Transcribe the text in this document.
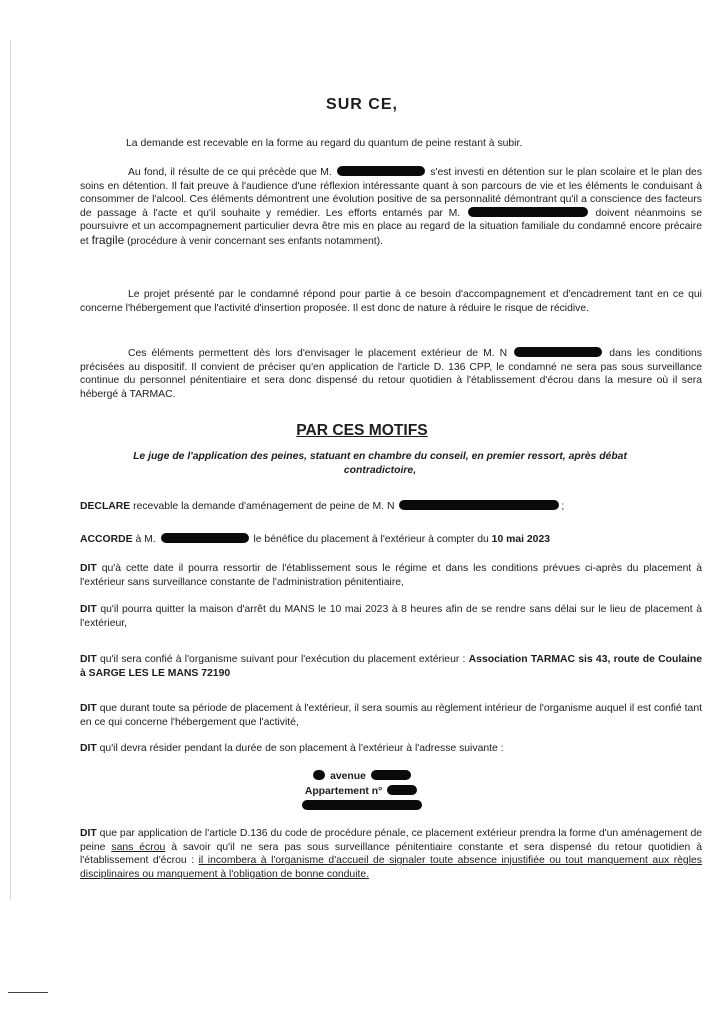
SUR CE,

La demande est recevable en la forme au regard du quantum de peine restant à subir.

Au fond, il résulte de ce qui précède que M.	s'est investi en détention sur le plan scolaire et le plan des soins en détention. Il fait preuve à l'audience d'une réflexion intéressante quant à son parcours de vie et les éléments le conduisant à consommer de l'alcool. Ces éléments démontrent une évolution positive de sa personnalité démontrant qu'il a conscience des facteurs de passage à l'acte et qu'il souhaite y remédier. Les efforts entamés par M.	doivent néanmoins se poursuivre et un accompagnement particulier devra être mis en place au regard de la situation familiale du condamné encore précaire et fragile (procédure à venir concernant ses enfants notamment).

Le projet présenté par le condamné répond pour partie à ce besoin d'accompagnement et d'encadrement tant en ce qui concerne l'hébergement que l'activité d'insertion proposée. Il est donc de nature à réduire le risque de récidive.

Ces éléments permettent dès lors d'envisager le placement extérieur de M. N	dans les conditions précisées au dispositif. Il convient de préciser qu'en application de l'article D. 136 CPP, le condamné ne sera pas sous surveillance continue du personnel pénitentiaire et sera donc dispensé du retour quotidien à l'établissement d'écrou dans la mesure où il sera hébergé à TARMAC.

PAR CES MOTIFS

Le juge de l'application des peines, statuant en chambre du conseil, en premier ressort, après débat contradictoire,

DECLARE recevable la demande d'aménagement de peine de M. N	;

ACCORDE à M.	le bénéfice du placement à l'extérieur à compter du 10 mai 2023

DIT qu'à cette date il pourra ressortir de l'établissement sous le régime et dans les conditions prévues ci-après du placement à l'extérieur sans surveillance constante de l'administration pénitentiaire,

DIT qu'il pourra quitter la maison d'arrêt du MANS le 10 mai 2023 à 8 heures afin de se rendre sans délai sur le lieu de placement à l'extérieur,

DIT qu'il sera confié à l'organisme suivant pour l'exécution du placement extérieur : Association TARMAC sis 43, route de Coulaine à SARGE LES LE MANS 72190

DIT que durant toute sa période de placement à l'extérieur, il sera soumis au règlement intérieur de l'organisme auquel il est confié tant en ce qui concerne l'hébergement que l'activité,

DIT qu'il devra résider pendant la durée de son placement à l'extérieur à l'adresse suivante :

avenue

Appartement n°

DIT que par application de l'article D.136 du code de procédure pénale, ce placement extérieur prendra la forme d'un aménagement de peine sans écrou à savoir qu'il ne sera pas sous surveillance pénitentiaire constante et sera dispensé du retour quotidien à l'établissement d'écrou : il incombera à l'organisme d'accueil de signaler toute absence injustifiée ou tout manquement aux règles disciplinaires ou manquement à l'obligation de bonne conduite.
